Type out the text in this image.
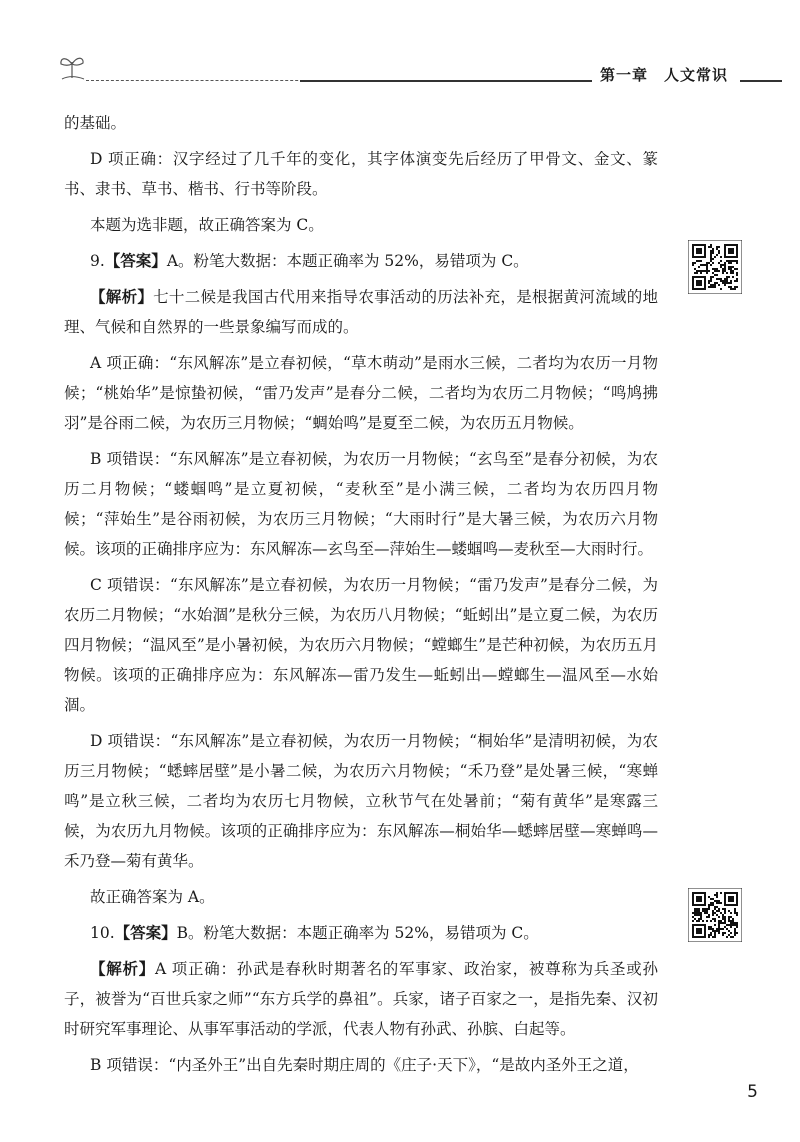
第一章 人文常识

的基础。

D 项正确：汉字经过了几千年的变化，其字体演变先后经历了甲骨文、金文、篆书、隶书、草书、楷书、行书等阶段。

本题为选非题，故正确答案为 C。

9.【答案】A。粉笔大数据：本题正确率为 52%，易错项为 C。

【解析】七十二候是我国古代用来指导农事活动的历法补充，是根据黄河流域的地理、气候和自然界的一些景象编写而成的。

A 项正确：“东风解冻”是立春初候，“草木萌动”是雨水三候，二者均为农历一月物候；“桃始华”是惊蛰初候，“雷乃发声”是春分二候，二者均为农历二月物候；“鸣鸠拂羽”是谷雨二候，为农历三月物候；“蜩始鸣”是夏至二候，为农历五月物候。

B 项错误：“东风解冻”是立春初候，为农历一月物候；“玄鸟至”是春分初候，为农历二月物候；“蝼蝈鸣”是立夏初候，“麦秋至”是小满三候，二者均为农历四月物候；“萍始生”是谷雨初候，为农历三月物候；“大雨时行”是大暑三候，为农历六月物候。该项的正确排序应为：东风解冻—玄鸟至—萍始生—蝼蝈鸣—麦秋至—大雨时行。

C 项错误：“东风解冻”是立春初候，为农历一月物候；“雷乃发声”是春分二候，为农历二月物候；“水始涸”是秋分三候，为农历八月物候；“蚯蚓出”是立夏二候，为农历四月物候；“温风至”是小暑初候，为农历六月物候；“螳螂生”是芒种初候，为农历五月物候。该项的正确排序应为：东风解冻—雷乃发生—蚯蚓出—螳螂生—温风至—水始涸。

D 项错误：“东风解冻”是立春初候，为农历一月物候；“桐始华”是清明初候，为农历三月物候；“蟋蟀居壁”是小暑二候，为农历六月物候；“禾乃登”是处暑三候，“寒蝉鸣”是立秋三候，二者均为农历七月物候，立秋节气在处暑前；“菊有黄华”是寒露三候，为农历九月物候。该项的正确排序应为：东风解冻—桐始华—蟋蟀居壁—寒蝉鸣—禾乃登—菊有黄华。

故正确答案为 A。

10.【答案】B。粉笔大数据：本题正确率为 52%，易错项为 C。

【解析】A 项正确：孙武是春秋时期著名的军事家、政治家，被尊称为兵圣或孙子，被誉为“百世兵家之师”“东方兵学的鼻祖”。兵家，诸子百家之一，是指先秦、汉初时研究军事理论、从事军事活动的学派，代表人物有孙武、孙膑、白起等。

B 项错误：“内圣外王”出自先秦时期庄周的《庄子·天下》，“是故内圣外王之道，

5
